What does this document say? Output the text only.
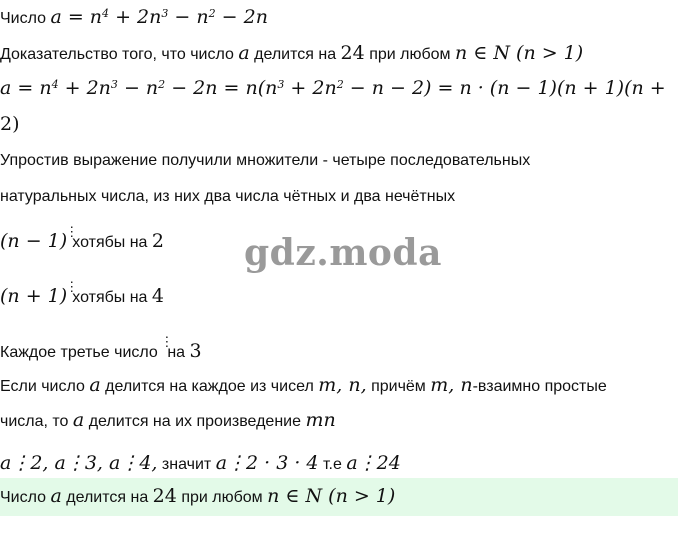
Число $a = n^4 + 2n^3 - n^2 - 2n$
Доказательство того, что число a делится на 24 при любом n ∈ N (n > 1)
$a = n^4 + 2n^3 - n^2 - 2n = n(n^3 + 2n^2 - n - 2) = n \cdot (n - 1)(n + 1)(n$ +
2)
Упростив выражение получили множители - четыре последовательных
натуральных числа, из них два числа чётных и два нечётных
(n − 1) ⋮ хотябы на 2 gdz.moda
(n + 1) ⋮ хотябы на 4
Каждое третье число ⋮ на 3
Если число a делится на каждое из чисел m, n, причём m, n-взаимно простые
числа, то a делится на их произведение mn
a⋮2, a⋮3, a⋮4, значит a⋮2 · 3 · 4 т.е a⋮24
Число a делится на 24 при любом n ∈ N (n > 1)
